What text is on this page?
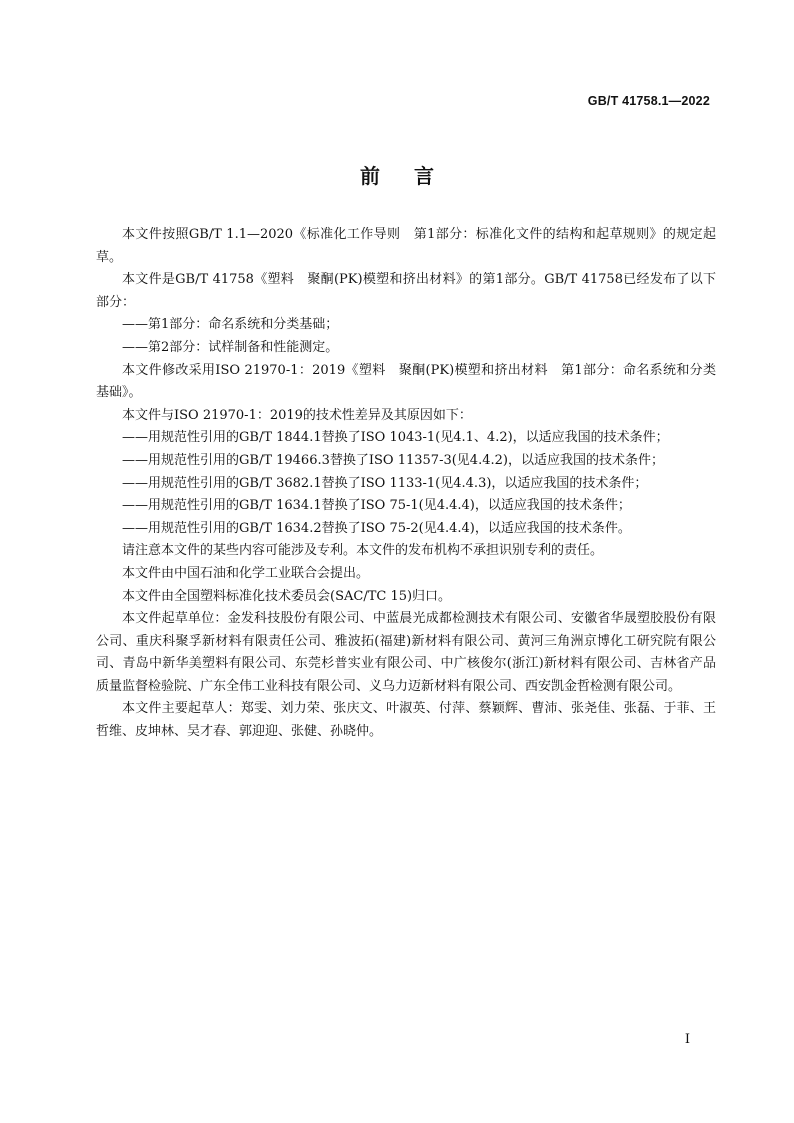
GB/T 41758.1—2022
前 言

本文件按照GB/T 1.1—2020《标准化工作导则　第1部分：标准化文件的结构和起草规则》的规定起草。

本文件是GB/T 41758《塑料　聚酮(PK)模塑和挤出材料》的第1部分。GB/T 41758已经发布了以下部分：

——第1部分：命名系统和分类基础；

——第2部分：试样制备和性能测定。

本文件修改采用ISO 21970-1：2019《塑料　聚酮(PK)模塑和挤出材料　第1部分：命名系统和分类基础》。

本文件与ISO 21970-1：2019的技术性差异及其原因如下：

——用规范性引用的GB/T 1844.1替换了ISO 1043-1(见4.1、4.2)，以适应我国的技术条件；

——用规范性引用的GB/T 19466.3替换了ISO 11357-3(见4.4.2)，以适应我国的技术条件；

——用规范性引用的GB/T 3682.1替换了ISO 1133-1(见4.4.3)，以适应我国的技术条件；

——用规范性引用的GB/T 1634.1替换了ISO 75-1(见4.4.4)，以适应我国的技术条件；

——用规范性引用的GB/T 1634.2替换了ISO 75-2(见4.4.4)，以适应我国的技术条件。

请注意本文件的某些内容可能涉及专利。本文件的发布机构不承担识别专利的责任。

本文件由中国石油和化学工业联合会提出。

本文件由全国塑料标准化技术委员会(SAC/TC 15)归口。

本文件起草单位：金发科技股份有限公司、中蓝晨光成都检测技术有限公司、安徽省华晟塑胶股份有限公司、重庆科聚孚新材料有限责任公司、雅波拓(福建)新材料有限公司、黄河三角洲京博化工研究院有限公司、青岛中新华美塑料有限公司、东莞杉普实业有限公司、中广核俊尔(浙江)新材料有限公司、吉林省产品质量监督检验院、广东全伟工业科技有限公司、义乌力迈新材料有限公司、西安凯金哲检测有限公司。

本文件主要起草人：郑雯、刘力荣、张庆文、叶淑英、付萍、蔡颖辉、曹沛、张尧佳、张磊、于菲、王哲维、皮坤林、吴才春、郭迎迎、张健、孙晓仲。

I
